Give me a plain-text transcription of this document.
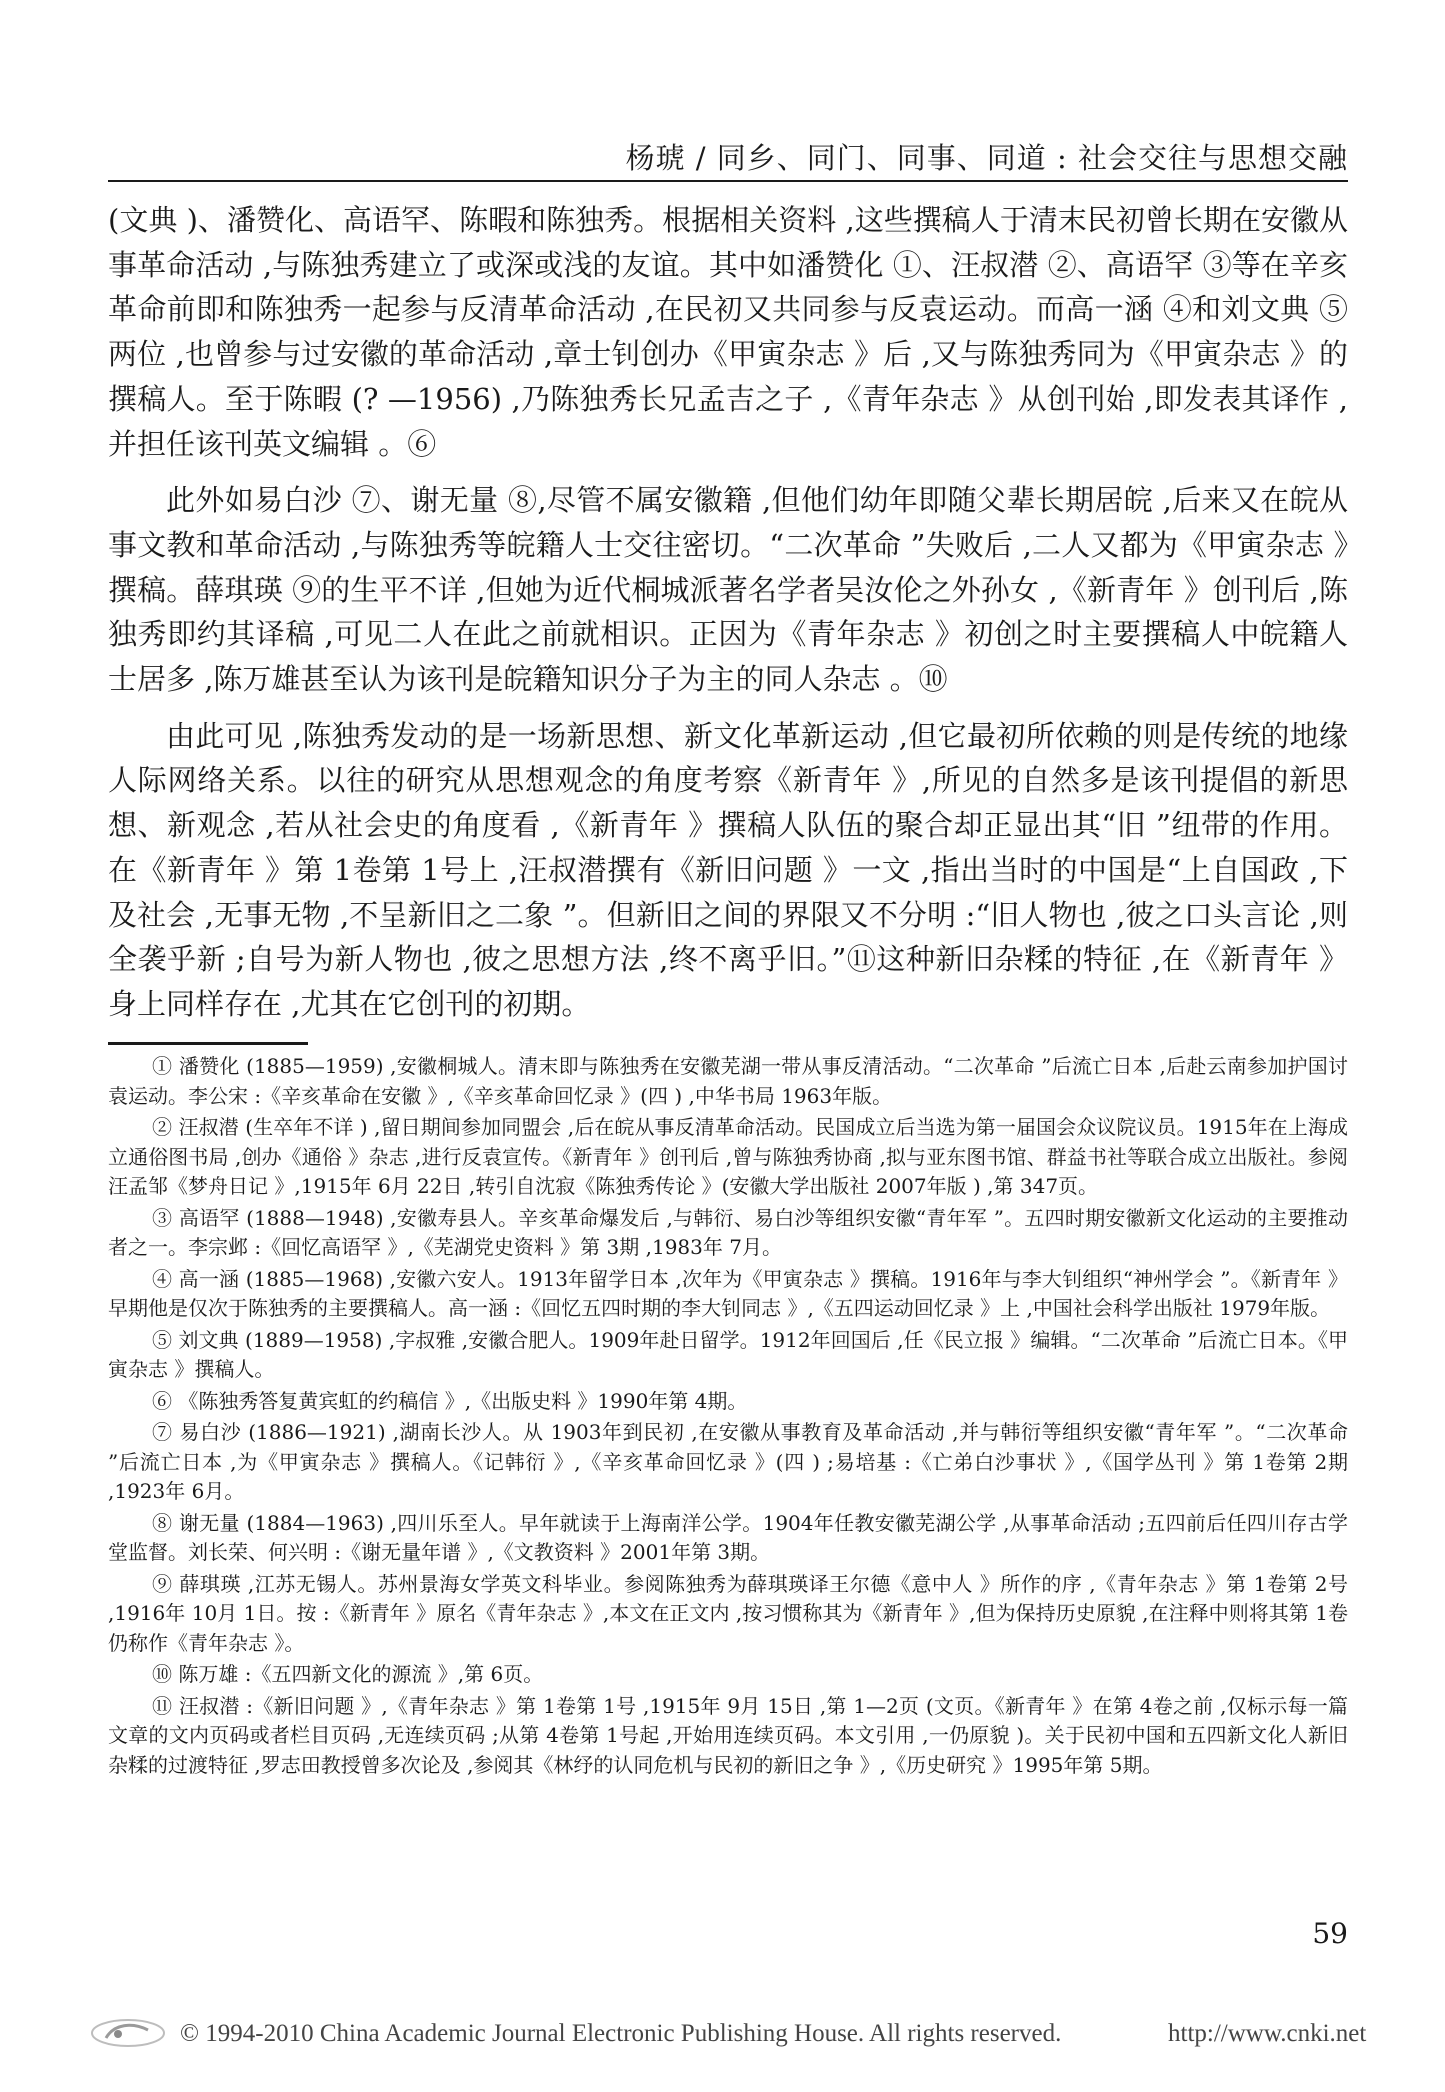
杨琥 / 同乡、同门、同事、同道 : 社会交往与思想交融

(文典 )、潘赞化、高语罕、陈暇和陈独秀。根据相关资料 ,这些撰稿人于清末民初曾长期在安徽从事革命活动 ,与陈独秀建立了或深或浅的友谊。其中如潘赞化 ①、汪叔潜 ②、高语罕 ③等在辛亥革命前即和陈独秀一起参与反清革命活动 ,在民初又共同参与反袁运动。而高一涵 ④和刘文典 ⑤两位 ,也曾参与过安徽的革命活动 ,章士钊创办《甲寅杂志 》后 ,又与陈独秀同为《甲寅杂志 》的撰稿人。至于陈暇 (? —1956) ,乃陈独秀长兄孟吉之子 ,《青年杂志 》从创刊始 ,即发表其译作 ,并担任该刊英文编辑 。⑥

此外如易白沙 ⑦、谢无量 ⑧,尽管不属安徽籍 ,但他们幼年即随父辈长期居皖 ,后来又在皖从事文教和革命活动 ,与陈独秀等皖籍人士交往密切。“二次革命 ”失败后 ,二人又都为《甲寅杂志 》撰稿。薛琪瑛 ⑨的生平不详 ,但她为近代桐城派著名学者吴汝伦之外孙女 ,《新青年 》创刊后 ,陈独秀即约其译稿 ,可见二人在此之前就相识。正因为《青年杂志 》初创之时主要撰稿人中皖籍人士居多 ,陈万雄甚至认为该刊是皖籍知识分子为主的同人杂志 。⑩

由此可见 ,陈独秀发动的是一场新思想、新文化革新运动 ,但它最初所依赖的则是传统的地缘人际网络关系。以往的研究从思想观念的角度考察《新青年 》,所见的自然多是该刊提倡的新思想、新观念 ,若从社会史的角度看 ,《新青年 》撰稿人队伍的聚合却正显出其“旧 ”纽带的作用。在《新青年 》第 1卷第 1号上 ,汪叔潜撰有《新旧问题 》一文 ,指出当时的中国是“上自国政 ,下及社会 ,无事无物 ,不呈新旧之二象 ”。但新旧之间的界限又不分明 :“旧人物也 ,彼之口头言论 ,则全袭乎新 ;自号为新人物也 ,彼之思想方法 ,终不离乎旧。”⑪这种新旧杂糅的特征 ,在《新青年 》身上同样存在 ,尤其在它创刊的初期。

① 潘赞化 (1885—1959) ,安徽桐城人。清末即与陈独秀在安徽芜湖一带从事反清活动。“二次革命 ”后流亡日本 ,后赴云南参加护国讨袁运动。李公宋 :《辛亥革命在安徽 》,《辛亥革命回忆录 》(四 ) ,中华书局 1963年版。

② 汪叔潜 (生卒年不详 ) ,留日期间参加同盟会 ,后在皖从事反清革命活动。民国成立后当选为第一届国会众议院议员。1915年在上海成立通俗图书局 ,创办《通俗 》杂志 ,进行反袁宣传。《新青年 》创刊后 ,曾与陈独秀协商 ,拟与亚东图书馆、群益书社等联合成立出版社。参阅汪孟邹《梦舟日记 》,1915年 6月 22日 ,转引自沈寂《陈独秀传论 》(安徽大学出版社 2007年版 ) ,第 347页。

③ 高语罕 (1888—1948) ,安徽寿县人。辛亥革命爆发后 ,与韩衍、易白沙等组织安徽“青年军 ”。五四时期安徽新文化运动的主要推动者之一。李宗邺 :《回忆高语罕 》,《芜湖党史资料 》第 3期 ,1983年 7月。

④ 高一涵 (1885—1968) ,安徽六安人。1913年留学日本 ,次年为《甲寅杂志 》撰稿。1916年与李大钊组织“神州学会 ”。《新青年 》早期他是仅次于陈独秀的主要撰稿人。高一涵 :《回忆五四时期的李大钊同志 》,《五四运动回忆录 》上 ,中国社会科学出版社 1979年版。

⑤ 刘文典 (1889—1958) ,字叔雅 ,安徽合肥人。1909年赴日留学。1912年回国后 ,任《民立报 》编辑。“二次革命 ”后流亡日本。《甲寅杂志 》撰稿人。

⑥ 《陈独秀答复黄宾虹的约稿信 》,《出版史料 》1990年第 4期。

⑦ 易白沙 (1886—1921) ,湖南长沙人。从 1903年到民初 ,在安徽从事教育及革命活动 ,并与韩衍等组织安徽“青年军 ”。“二次革命 ”后流亡日本 ,为《甲寅杂志 》撰稿人。《记韩衍 》,《辛亥革命回忆录 》(四 ) ;易培基 :《亡弟白沙事状 》,《国学丛刊 》第 1卷第 2期 ,1923年 6月。

⑧ 谢无量 (1884—1963) ,四川乐至人。早年就读于上海南洋公学。1904年任教安徽芜湖公学 ,从事革命活动 ;五四前后任四川存古学堂监督。刘长荣、何兴明 :《谢无量年谱 》,《文教资料 》2001年第 3期。

⑨ 薛琪瑛 ,江苏无锡人。苏州景海女学英文科毕业。参阅陈独秀为薛琪瑛译王尔德《意中人 》所作的序 ,《青年杂志 》第 1卷第 2号 ,1916年 10月 1日。按 :《新青年 》原名《青年杂志 》,本文在正文内 ,按习惯称其为《新青年 》,但为保持历史原貌 ,在注释中则将其第 1卷仍称作《青年杂志 》。

⑩ 陈万雄 :《五四新文化的源流 》,第 6页。

⑪ 汪叔潜 :《新旧问题 》,《青年杂志 》第 1卷第 1号 ,1915年 9月 15日 ,第 1—2页 (文页。《新青年 》在第 4卷之前 ,仅标示每一篇文章的文内页码或者栏目页码 ,无连续页码 ;从第 4卷第 1号起 ,开始用连续页码。本文引用 ,一仍原貌 )。关于民初中国和五四新文化人新旧杂糅的过渡特征 ,罗志田教授曾多次论及 ,参阅其《林纾的认同危机与民初的新旧之争 》,《历史研究 》1995年第 5期。

59
© 1994-2010 China Academic Journal Electronic Publishing House. All rights reserved.	http://www.cnki.net
